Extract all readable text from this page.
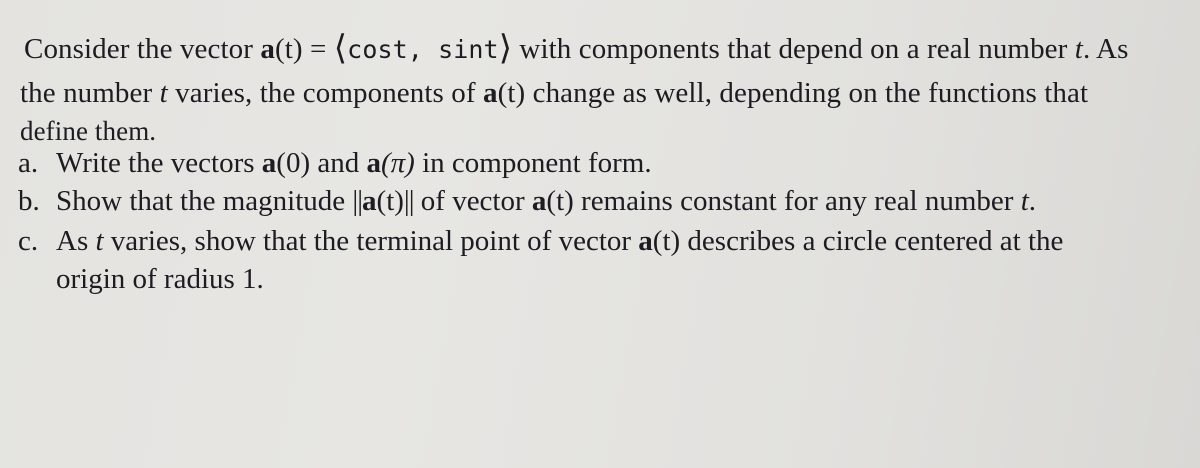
Consider the vector a(t) = ⟨cost, sint⟩ with components that depend on a real number t. As
the number t varies, the components of a(t) change as well, depending on the functions that
define them.
a. Write the vectors a(0) and a(π) in component form.
b. Show that the magnitude ||a(t)|| of vector a(t) remains constant for any real number t.
c. As t varies, show that the terminal point of vector a(t) describes a circle centered at the
origin of radius 1.
